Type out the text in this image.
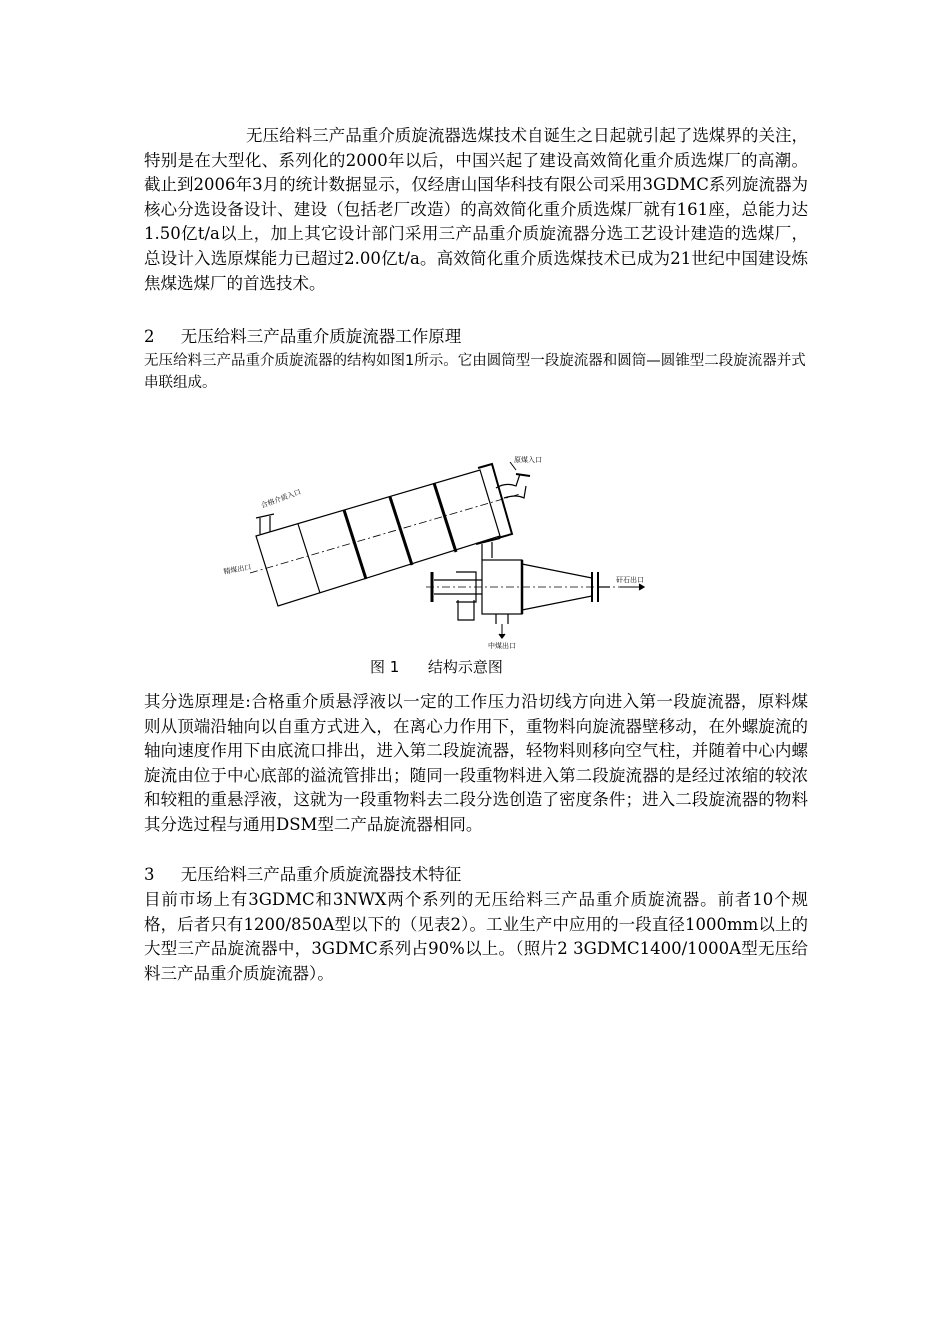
无压给料三产品重介质旋流器选煤技术自诞生之日起就引起了选煤界的关注，特别是在大型化、系列化的2000年以后，中国兴起了建设高效简化重介质选煤厂的高潮。截止到2006年3月的统计数据显示，仅经唐山国华科技有限公司采用3GDMC系列旋流器为核心分选设备设计、建设（包括老厂改造）的高效简化重介质选煤厂就有161座，总能力达1.50亿t/a以上，加上其它设计部门采用三产品重介质旋流器分选工艺设计建造的选煤厂，总设计入选原煤能力已超过2.00亿t/a。高效简化重介质选煤技术已成为21世纪中国建设炼焦煤选煤厂的首选技术。

2 无压给料三产品重介质旋流器工作原理

无压给料三产品重介质旋流器的结构如图1所示。它由圆筒型一段旋流器和圆筒—圆锥型二段旋流器并式串联组成。

合格介质入口
原煤入口
精煤出口
中煤出口
矸石出口
图 1 结构示意图

其分选原理是:合格重介质悬浮液以一定的工作压力沿切线方向进入第一段旋流器，原料煤则从顶端沿轴向以自重方式进入，在离心力作用下，重物料向旋流器壁移动，在外螺旋流的轴向速度作用下由底流口排出，进入第二段旋流器，轻物料则移向空气柱，并随着中心内螺旋流由位于中心底部的溢流管排出；随同一段重物料进入第二段旋流器的是经过浓缩的较浓和较粗的重悬浮液，这就为一段重物料去二段分选创造了密度条件；进入二段旋流器的物料其分选过程与通用DSM型二产品旋流器相同。

3 无压给料三产品重介质旋流器技术特征

目前市场上有3GDMC和3NWX两个系列的无压给料三产品重介质旋流器。前者10个规格，后者只有1200/850A型以下的（见表2）。工业生产中应用的一段直径1000mm以上的大型三产品旋流器中，3GDMC系列占90%以上。（照片2 3GDMC1400/1000A型无压给料三产品重介质旋流器）。
